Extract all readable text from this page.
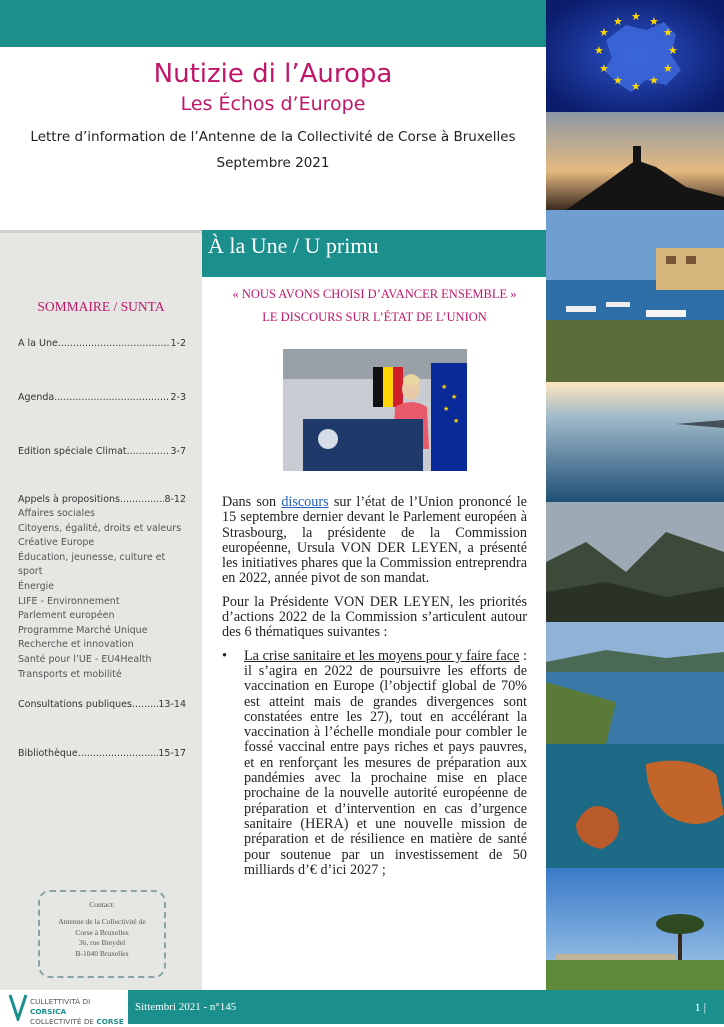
Nutizie di l’Auropa
Les Échos d’Europe
Lettre d’information de l’Antenne de la Collectivité de Corse à Bruxelles
Septembre 2021
★ ★
★
★
★
★
★
★
★
★
★
★
SOMMAIRE / SUNTA
À la Une .....	1-2
Agenda .....	2-3
Edition spéciale Climat .....	3-7
Appels à propositions .....	8-12
Affaires sociales
Citoyens, égalité, droits et valeurs
Créative Europe
Éducation, jeunesse, culture et sport
Énergie
LIFE - Environnement
Parlement européen
Programme Marché Unique
Recherche et innovation
Santé pour l’UE - EU4Health
Transports et mobilité
Consultations publiques .....	13-14
Bibliothèque .....	15-17
Contact:
Antenne de la Collectivité de
Corse à Bruxelles
36, rue Breydel
B-1040 Bruxelles
À la Une / U primu
« NOUS AVONS CHOISI D’AVANCER ENSEMBLE »
LE DISCOURS SUR L’ÉTAT DE L’UNION
★
★
★
★

Dans son discours sur l’état de l’Union prononcé le 15 septembre dernier devant le Parlement européen à Strasbourg, la présidente de la Commission européenne, Ursula VON DER LEYEN, a présenté les initiatives phares que la Commission entreprendra en 2022, année pivot de son mandat.

Pour la Présidente VON DER LEYEN, les priorités d’actions 2022 de la Commission s’articulent autour des 6 thématiques suivantes :

•	La crise sanitaire et les moyens pour y faire face : il s’agira en 2022 de poursuivre les efforts de vaccination en Europe (l’objectif global de 70% est atteint mais de grandes divergences sont constatées entre les 27), tout en accélérant la vaccination à l’échelle mondiale pour combler le fossé vaccinal entre pays riches et pays pauvres, et en renforçant les mesures de préparation aux pandémies avec la prochaine mise en place prochaine de la nouvelle autorité européenne de préparation et d’intervention en cas d’urgence sanitaire (HERA) et une nouvelle mission de préparation et de résilience en matière de santé pour soutenue par un investissement de 50 milliards d’€ d’ici 2027 ;
CULLETTIVITÀ DI CORSICA
COLLECTIVITÉ DE CORSE
Sittembri 2021 - n°145	1 |
